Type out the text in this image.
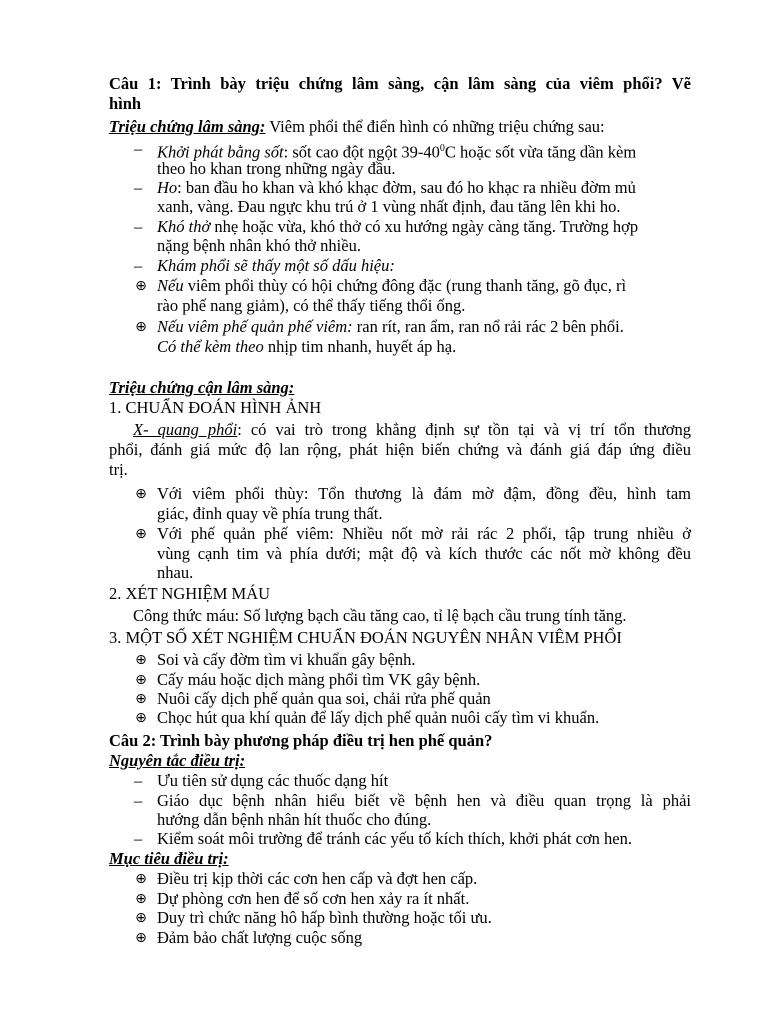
Câu 1: Trình bày triệu chứng lâm sàng, cận lâm sàng của viêm phổi? Vẽ
hình
Triệu chứng lâm sàng: Viêm phổi thể điển hình có những triệu chứng sau:
– Khởi phát bằng sốt: sốt cao đột ngột $39-40^0C$ hoặc sốt vừa tăng dần kèm
theo ho khan trong những ngày đầu.
– Ho: ban đầu ho khan và khó khạc đờm, sau đó ho khạc ra nhiều đờm mủ
xanh, vàng. Đau ngực khu trú ở 1 vùng nhất định, đau tăng lên khi ho.
– Khó thở nhẹ hoặc vừa, khó thở có xu hướng ngày càng tăng. Trường hợp
nặng bệnh nhân khó thở nhiều.
– Khám phổi sẽ thấy một số dấu hiệu:
⊕ Nếu viêm phổi thùy có hội chứng đông đặc (rung thanh tăng, gõ đục, rì
rào phế nang giảm), có thể thấy tiếng thổi ống.
⊕ Nếu viêm phế quản phế viêm: ran rít, ran ẩm, ran nổ rải rác 2 bên phổi.
Có thể kèm theo nhịp tim nhanh, huyết áp hạ.
Triệu chứng cận lâm sàng:
1. CHUẨN ĐOÁN HÌNH ẢNH
X- quang phổi: có vai trò trong khẳng định sự tồn tại và vị trí tổn thương
phổi, đánh giá mức độ lan rộng, phát hiện biến chứng và đánh giá đáp ứng điều
trị.
⊕ Với viêm phổi thùy: Tổn thương là đám mờ đậm, đồng đều, hình tam
giác, đỉnh quay về phía trung thất.
⊕ Với phế quản phế viêm: Nhiều nốt mờ rải rác 2 phổi, tập trung nhiều ở
vùng cạnh tim và phía dưới; mật độ và kích thước các nốt mờ không đều
nhau.
2. XÉT NGHIỆM MÁU
Công thức máu: Số lượng bạch cầu tăng cao, tỉ lệ bạch cầu trung tính tăng.
3. MỘT SỐ XÉT NGHIỆM CHUẨN ĐOÁN NGUYÊN NHÂN VIÊM PHỔI
⊕ Soi và cấy đờm tìm vi khuẩn gây bệnh.
⊕ Cấy máu hoặc dịch màng phổi tìm VK gây bệnh.
⊕ Nuôi cấy dịch phế quản qua soi, chải rửa phế quản
⊕ Chọc hút qua khí quản để lấy dịch phế quản nuôi cấy tìm vi khuẩn.
Câu 2: Trình bày phương pháp điều trị hen phế quản?
Nguyên tắc điều trị:
– Ưu tiên sử dụng các thuốc dạng hít
– Giáo dục bệnh nhân hiểu biết về bệnh hen và điều quan trọng là phải
hướng dẫn bệnh nhân hít thuốc cho đúng.
– Kiểm soát môi trường để tránh các yếu tố kích thích, khởi phát cơn hen.
Mục tiêu điều trị:
⊕ Điều trị kịp thời các cơn hen cấp và đợt hen cấp.
⊕ Dự phòng cơn hen để số cơn hen xảy ra ít nhất.
⊕ Duy trì chức năng hô hấp bình thường hoặc tối ưu.
⊕ Đảm bảo chất lượng cuộc sống
